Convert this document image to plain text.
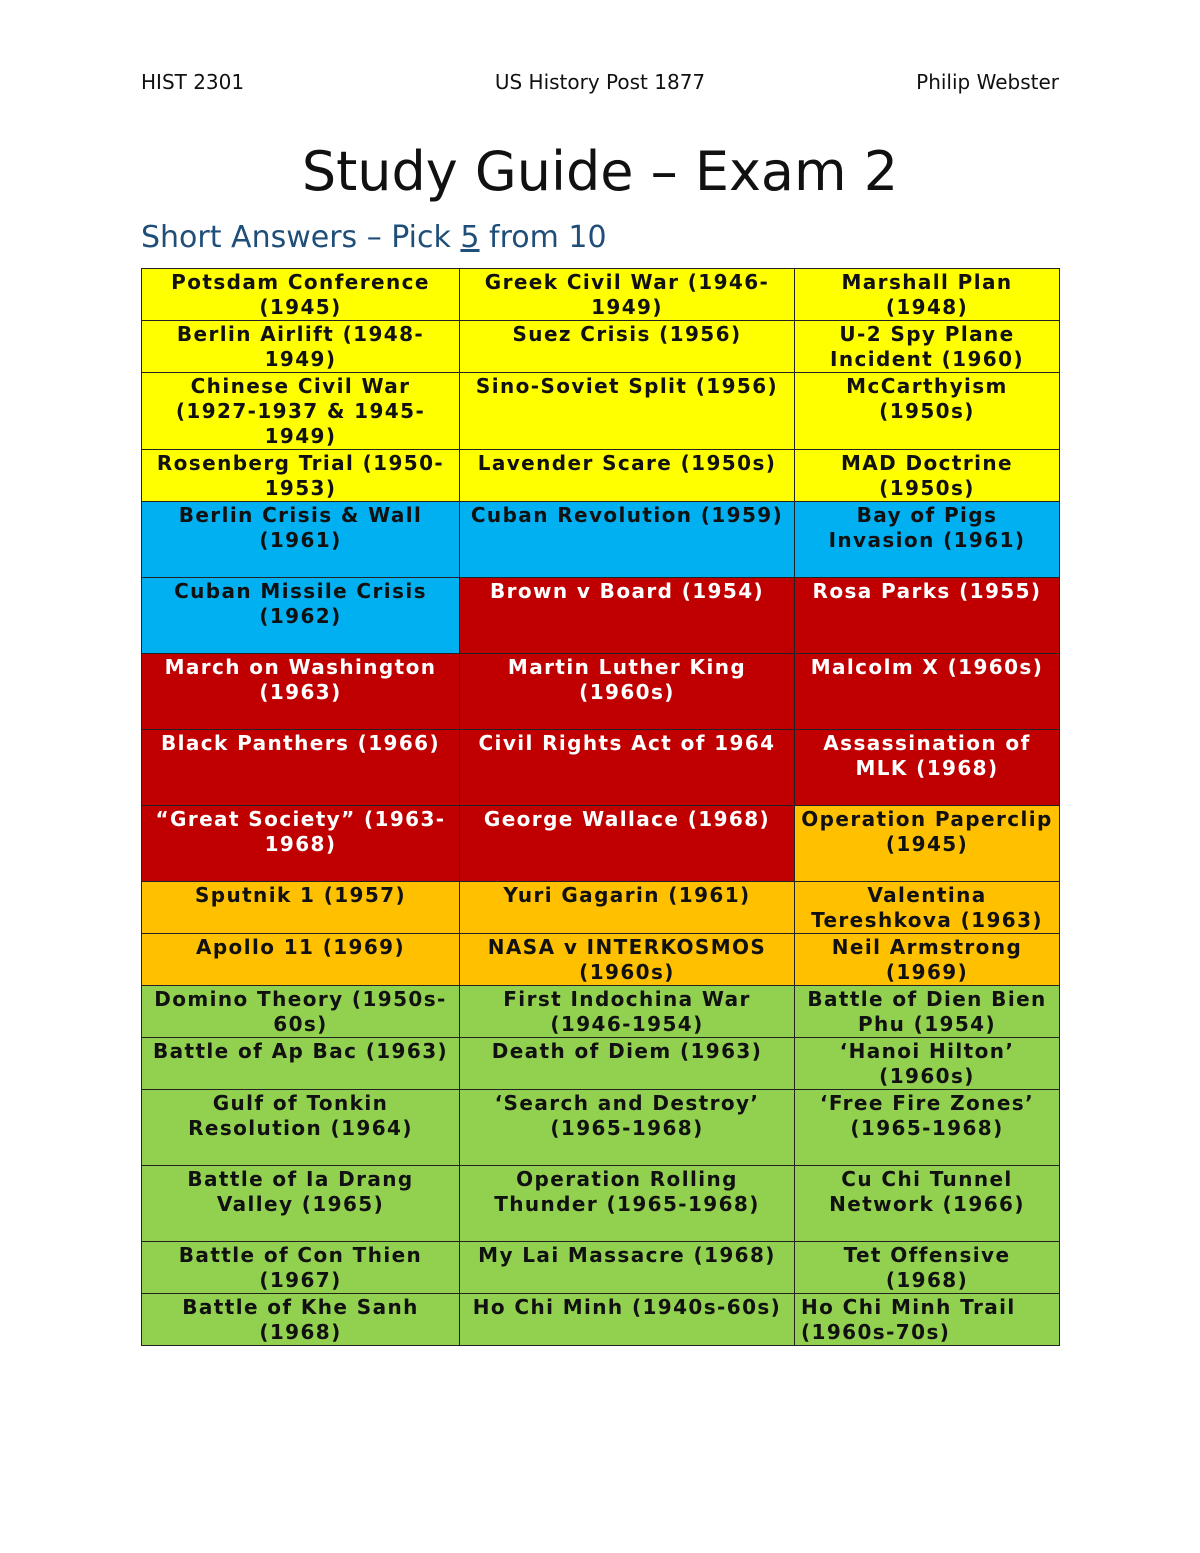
HIST 2301	US History Post 1877	Philip Webster
Study Guide – Exam 2
Short Answers – Pick 5 from 10
Potsdam Conference (1945)	Greek Civil War (1946-1949)	Marshall Plan (1948)
Berlin Airlift (1948-1949)	Suez Crisis (1956)	U-2 Spy Plane Incident (1960)
Chinese Civil War (1927-1937 & 1945-1949)	Sino-Soviet Split (1956)	McCarthyism (1950s)
Rosenberg Trial (1950-1953)	Lavender Scare (1950s)	MAD Doctrine (1950s)
Berlin Crisis & Wall (1961)	Cuban Revolution (1959)	Bay of Pigs Invasion (1961)
Cuban Missile Crisis (1962)	Brown v Board (1954)	Rosa Parks (1955)
March on Washington (1963)	Martin Luther King (1960s)	Malcolm X (1960s)
Black Panthers (1966)	Civil Rights Act of 1964	Assassination of MLK (1968)
“Great Society” (1963-1968)	George Wallace (1968)	Operation Paperclip (1945)
Sputnik 1 (1957)	Yuri Gagarin (1961)	Valentina Tereshkova (1963)
Apollo 11 (1969)	NASA v INTERKOSMOS (1960s)	Neil Armstrong (1969)
Domino Theory (1950s-60s)	First Indochina War (1946-1954)	Battle of Dien Bien Phu (1954)
Battle of Ap Bac (1963)	Death of Diem (1963)	‘Hanoi Hilton’ (1960s)
Gulf of Tonkin Resolution (1964)	‘Search and Destroy’ (1965-1968)	‘Free Fire Zones’ (1965-1968)
Battle of Ia Drang Valley (1965)	Operation Rolling Thunder (1965-1968)	Cu Chi Tunnel Network (1966)
Battle of Con Thien (1967)	My Lai Massacre (1968)	Tet Offensive (1968)
Battle of Khe Sanh (1968)	Ho Chi Minh (1940s-60s)	Ho Chi Minh Trail (1960s-70s)
